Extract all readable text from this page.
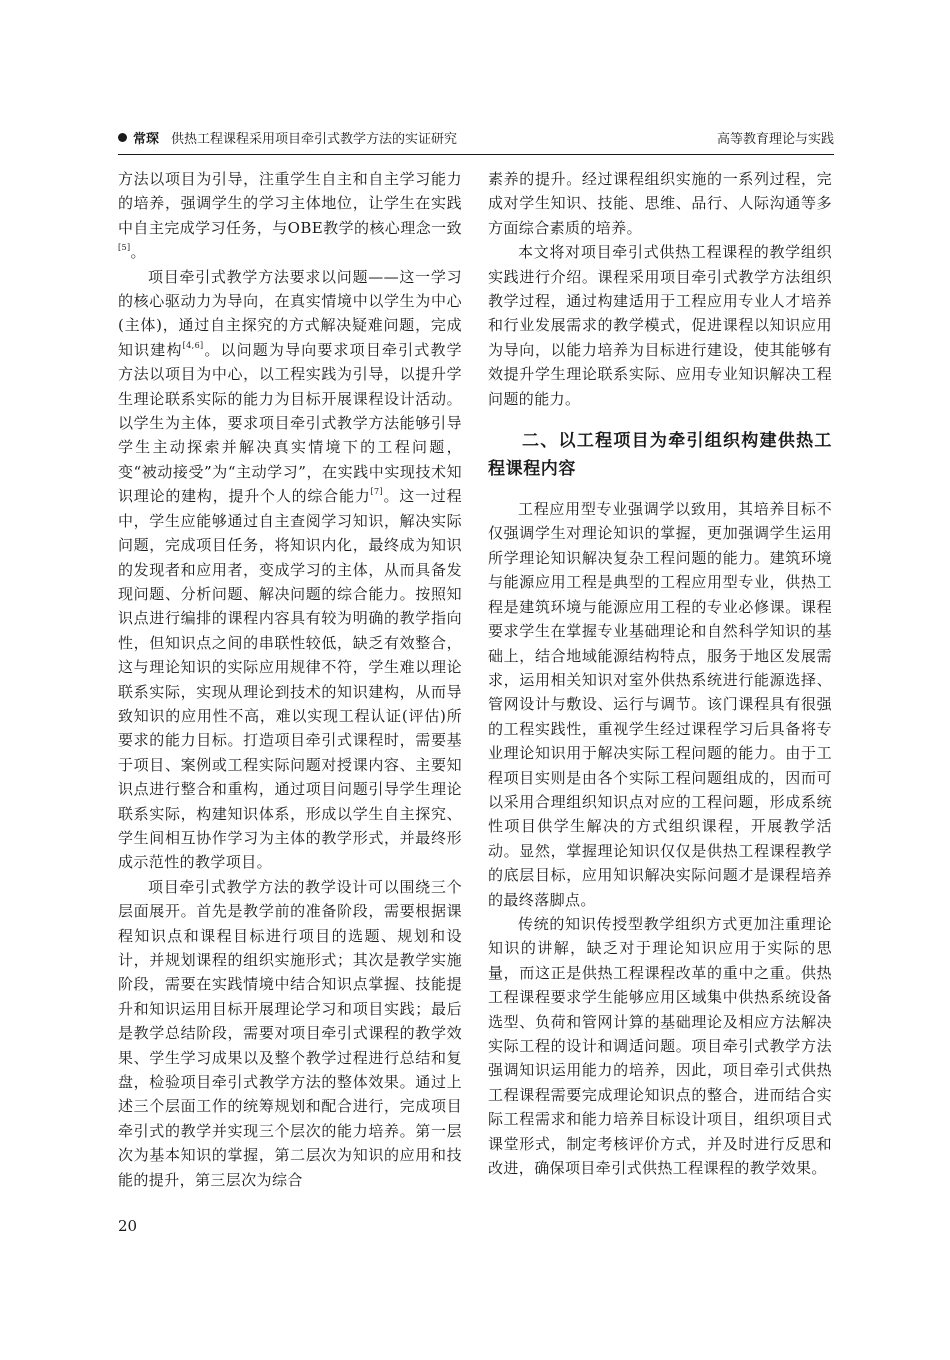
常琛 供热工程课程采用项目牵引式教学方法的实证研究	高等教育理论与实践

方法以项目为引导，注重学生自主和自主学习能力的培养，强调学生的学习主体地位，让学生在实践中自主完成学习任务，与OBE教学的核心理念一致[5]。

项目牵引式教学方法要求以问题——这一学习的核心驱动力为导向，在真实情境中以学生为中心(主体)，通过自主探究的方式解决疑难问题，完成知识建构[4,6]。以问题为导向要求项目牵引式教学方法以项目为中心，以工程实践为引导，以提升学生理论联系实际的能力为目标开展课程设计活动。以学生为主体，要求项目牵引式教学方法能够引导学生主动探索并解决真实情境下的工程问题，变“被动接受”为“主动学习”，在实践中实现技术知识理论的建构，提升个人的综合能力[7]。这一过程中，学生应能够通过自主查阅学习知识，解决实际问题，完成项目任务，将知识内化，最终成为知识的发现者和应用者，变成学习的主体，从而具备发现问题、分析问题、解决问题的综合能力。按照知识点进行编排的课程内容具有较为明确的教学指向性，但知识点之间的串联性较低，缺乏有效整合，这与理论知识的实际应用规律不符，学生难以理论联系实际，实现从理论到技术的知识建构，从而导致知识的应用性不高，难以实现工程认证(评估)所要求的能力目标。打造项目牵引式课程时，需要基于项目、案例或工程实际问题对授课内容、主要知识点进行整合和重构，通过项目问题引导学生理论联系实际，构建知识体系，形成以学生自主探究、学生间相互协作学习为主体的教学形式，并最终形成示范性的教学项目。

项目牵引式教学方法的教学设计可以围绕三个层面展开。首先是教学前的准备阶段，需要根据课程知识点和课程目标进行项目的选题、规划和设计，并规划课程的组织实施形式；其次是教学实施阶段，需要在实践情境中结合知识点掌握、技能提升和知识运用目标开展理论学习和项目实践；最后是教学总结阶段，需要对项目牵引式课程的教学效果、学生学习成果以及整个教学过程进行总结和复盘，检验项目牵引式教学方法的整体效果。通过上述三个层面工作的统筹规划和配合进行，完成项目牵引式的教学并实现三个层次的能力培养。第一层次为基本知识的掌握，第二层次为知识的应用和技能的提升，第三层次为综合

素养的提升。经过课程组织实施的一系列过程，完成对学生知识、技能、思维、品行、人际沟通等多方面综合素质的培养。

本文将对项目牵引式供热工程课程的教学组织实践进行介绍。课程采用项目牵引式教学方法组织教学过程，通过构建适用于工程应用专业人才培养和行业发展需求的教学模式，促进课程以知识应用为导向，以能力培养为目标进行建设，使其能够有效提升学生理论联系实际、应用专业知识解决工程问题的能力。

二、以工程项目为牵引组织构建供热工程课程内容

工程应用型专业强调学以致用，其培养目标不仅强调学生对理论知识的掌握，更加强调学生运用所学理论知识解决复杂工程问题的能力。建筑环境与能源应用工程是典型的工程应用型专业，供热工程是建筑环境与能源应用工程的专业必修课。课程要求学生在掌握专业基础理论和自然科学知识的基础上，结合地域能源结构特点，服务于地区发展需求，运用相关知识对室外供热系统进行能源选择、管网设计与敷设、运行与调节。该门课程具有很强的工程实践性，重视学生经过课程学习后具备将专业理论知识用于解决实际工程问题的能力。由于工程项目实则是由各个实际工程问题组成的，因而可以采用合理组织知识点对应的工程问题，形成系统性项目供学生解决的方式组织课程，开展教学活动。显然，掌握理论知识仅仅是供热工程课程教学的底层目标，应用知识解决实际问题才是课程培养的最终落脚点。

传统的知识传授型教学组织方式更加注重理论知识的讲解，缺乏对于理论知识应用于实际的思量，而这正是供热工程课程改革的重中之重。供热工程课程要求学生能够应用区域集中供热系统设备选型、负荷和管网计算的基础理论及相应方法解决实际工程的设计和调适问题。项目牵引式教学方法强调知识运用能力的培养，因此，项目牵引式供热工程课程需要完成理论知识点的整合，进而结合实际工程需求和能力培养目标设计项目，组织项目式课堂形式，制定考核评价方式，并及时进行反思和改进，确保项目牵引式供热工程课程的教学效果。

20
